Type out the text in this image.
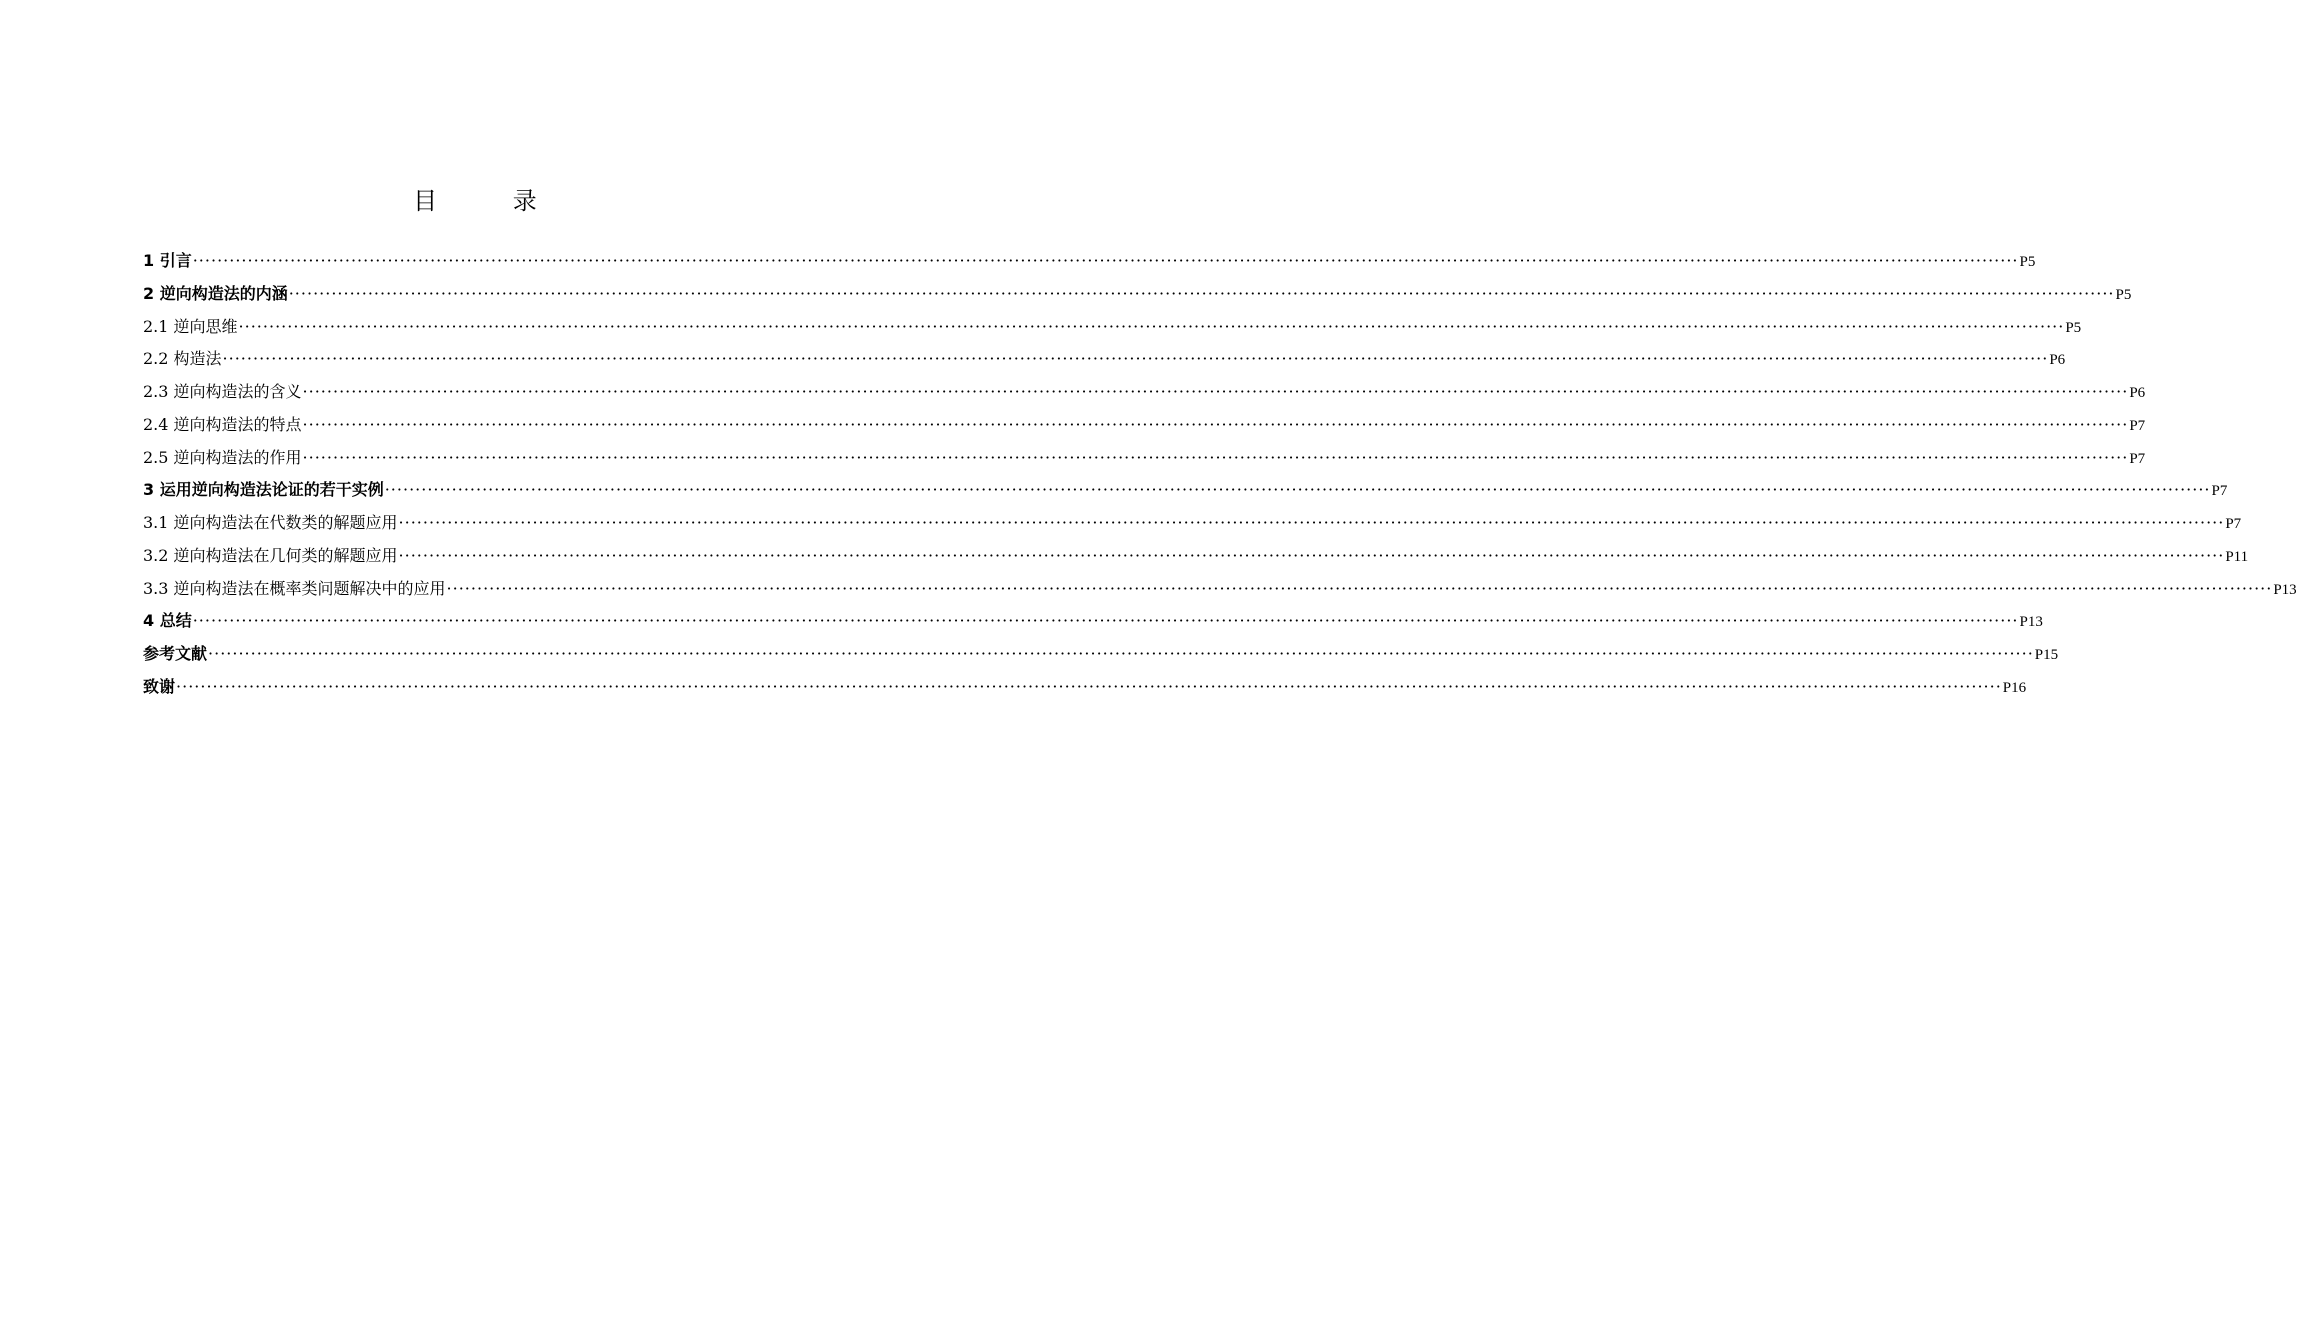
目 录
1 引言 ············································································································································································································································································································ P5
2 逆向构造法的内涵 ············································································································································································································································································································ P5
2.1 逆向思维 ············································································································································································································································································································ P5
2.2 构造法 ············································································································································································································································································································ P6
2.3 逆向构造法的含义 ············································································································································································································································································································ P6
2.4 逆向构造法的特点 ············································································································································································································································································································ P7
2.5 逆向构造法的作用 ············································································································································································································································································································ P7
3 运用逆向构造法论证的若干实例 ············································································································································································································································································································ P7
3.1 逆向构造法在代数类的解题应用 ············································································································································································································································································································ P7
3.2 逆向构造法在几何类的解题应用 ············································································································································································································································································································ P11
3.3 逆向构造法在概率类问题解决中的应用 ············································································································································································································································································································ P13
4 总结 ············································································································································································································································································································ P13
参考文献 ············································································································································································································································································································ P15
致谢 ············································································································································································································································································································ P16
